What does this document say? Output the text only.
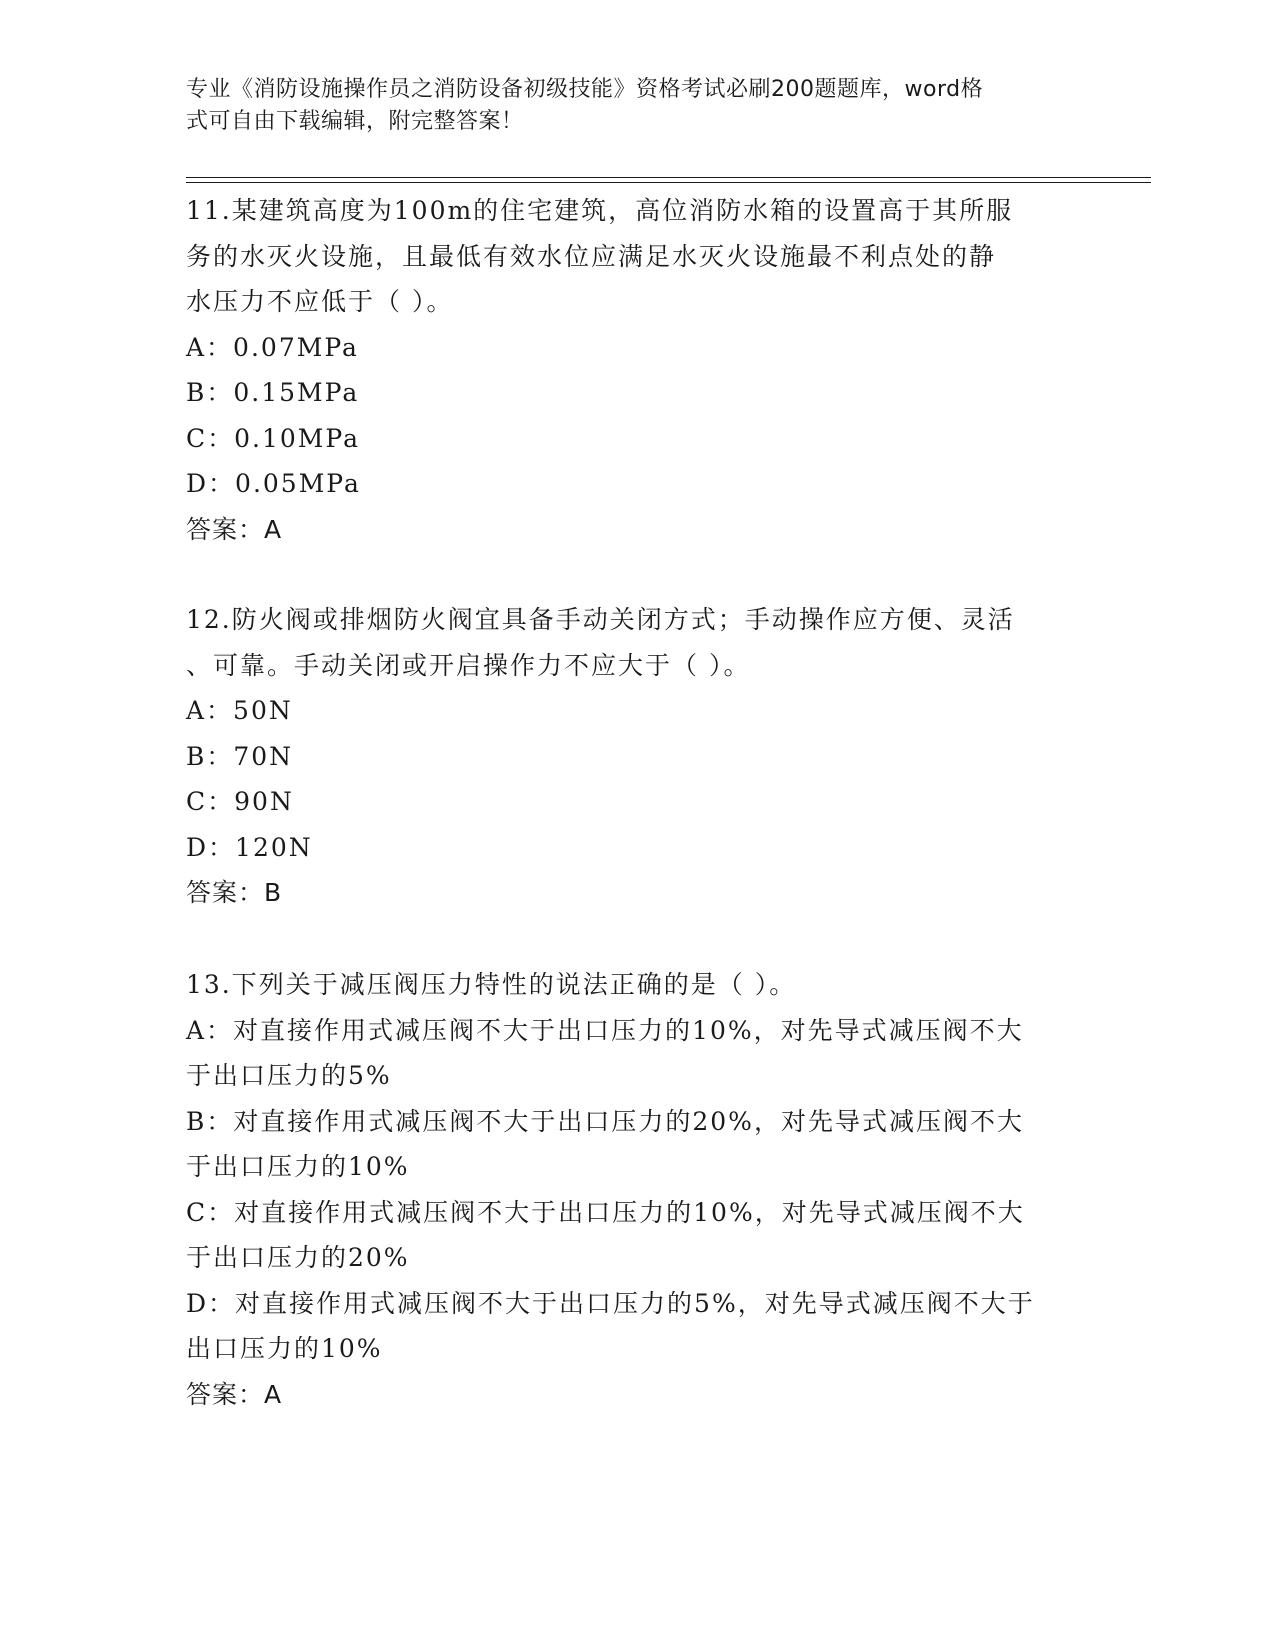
专业《消防设施操作员之消防设备初级技能》资格考试必刷200题题库，word格
式可自由下载编辑，附完整答案！
11.某建筑高度为100m的住宅建筑，高位消防水箱的设置高于其所服
务的水灭火设施，且最低有效水位应满足水灭火设施最不利点处的静
水压力不应低于（ ）。
A：0.07MPa
B：0.15MPa
C：0.10MPa
D：0.05MPa
答案：A
12.防火阀或排烟防火阀宜具备手动关闭方式；手动操作应方便、灵活
、可靠。手动关闭或开启操作力不应大于（ ）。
A：50N
B：70N
C：90N
D：120N
答案：B
13.下列关于减压阀压力特性的说法正确的是（ ）。
A：对直接作用式减压阀不大于出口压力的10%，对先导式减压阀不大
于出口压力的5%
B：对直接作用式减压阀不大于出口压力的20%，对先导式减压阀不大
于出口压力的10%
C：对直接作用式减压阀不大于出口压力的10%，对先导式减压阀不大
于出口压力的20%
D：对直接作用式减压阀不大于出口压力的5%，对先导式减压阀不大于
出口压力的10%
答案：A
